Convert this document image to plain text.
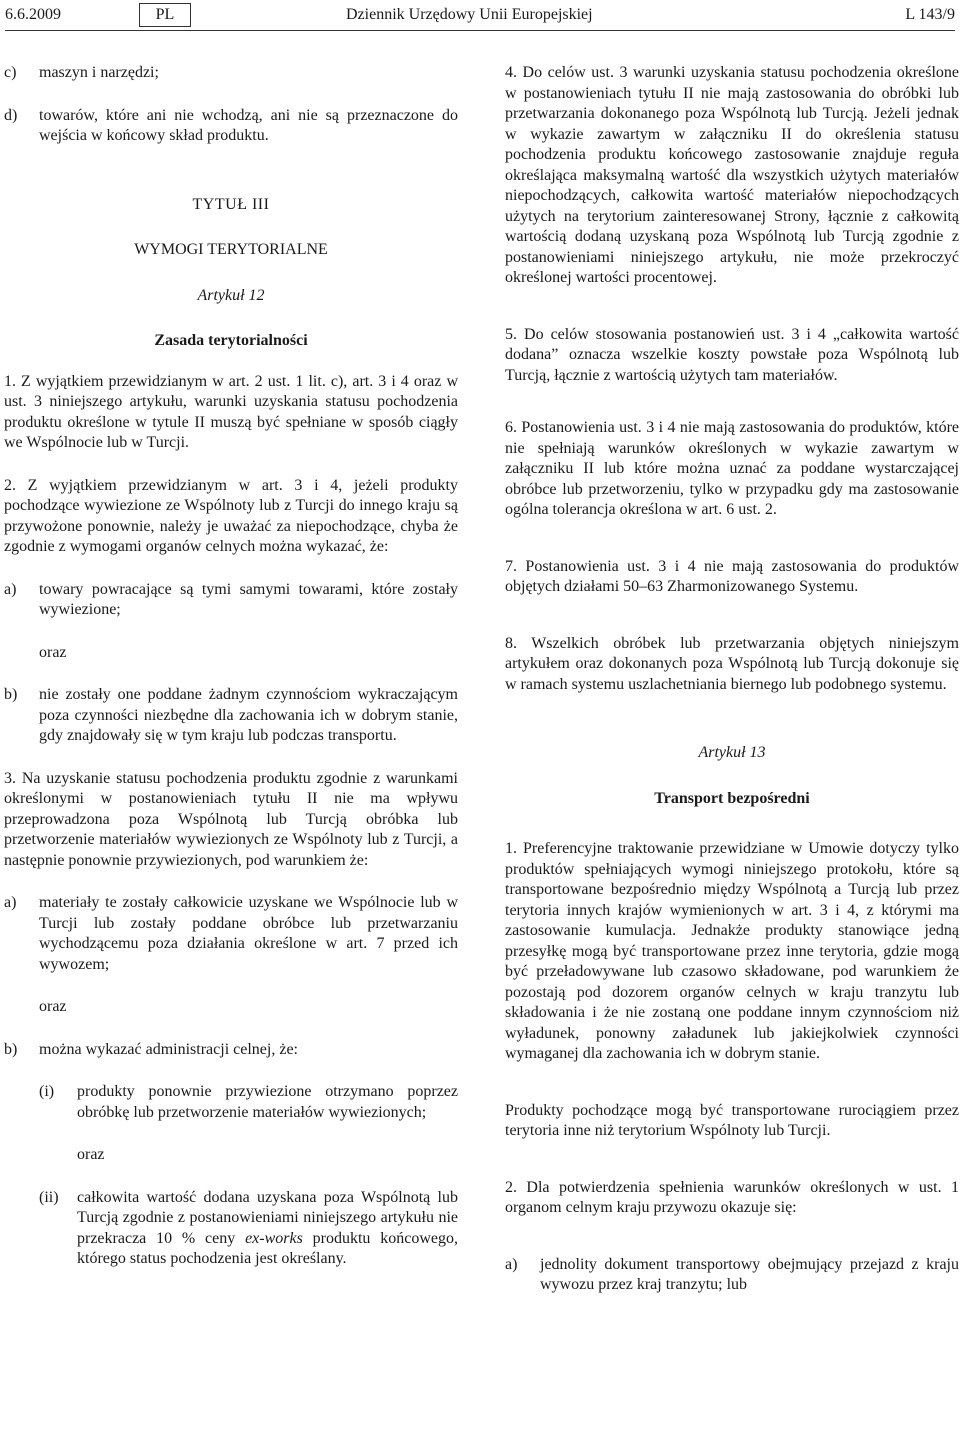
6.6.2009	PL	Dziennik Urzędowy Unii Europejskiej	L 143/9
c)	maszyn i narzędzi;
d)	towarów, które ani nie wchodzą, ani nie są przeznaczone do wejścia w końcowy skład produktu.

TYTUŁ III

WYMOGI TERYTORIALNE

Artykuł 12

Zasada terytorialności

1. Z wyjątkiem przewidzianym w art. 2 ust. 1 lit. c), art. 3 i 4 oraz w ust. 3 niniejszego artykułu, warunki uzyskania statusu pochodzenia produktu określone w tytule II muszą być spełniane w sposób ciągły we Wspólnocie lub w Turcji.

2. Z wyjątkiem przewidzianym w art. 3 i 4, jeżeli produkty pochodzące wywiezione ze Wspólnoty lub z Turcji do innego kraju są przywożone ponownie, należy je uważać za niepochodzące, chyba że zgodnie z wymogami organów celnych można wykazać, że:

a)	towary powracające są tymi samymi towarami, które zostały wywiezione;

oraz

b)	nie zostały one poddane żadnym czynnościom wykraczającym poza czynności niezbędne dla zachowania ich w dobrym stanie, gdy znajdowały się w tym kraju lub podczas transportu.

3. Na uzyskanie statusu pochodzenia produktu zgodnie z warunkami określonymi w postanowieniach tytułu II nie ma wpływu przeprowadzona poza Wspólnotą lub Turcją obróbka lub przetworzenie materiałów wywiezionych ze Wspólnoty lub z Turcji, a następnie ponownie przywiezionych, pod warunkiem że:

a)	materiały te zostały całkowicie uzyskane we Wspólnocie lub w Turcji lub zostały poddane obróbce lub przetwarzaniu wychodzącemu poza działania określone w art. 7 przed ich wywozem;

oraz

b)	można wykazać administracji celnej, że:
(i)	produkty ponownie przywiezione otrzymano poprzez obróbkę lub przetworzenie materiałów wywiezionych;

oraz

(ii)	całkowita wartość dodana uzyskana poza Wspólnotą lub Turcją zgodnie z postanowieniami niniejszego artykułu nie przekracza 10 % ceny ex-works produktu końcowego, którego status pochodzenia jest określany.

4. Do celów ust. 3 warunki uzyskania statusu pochodzenia określone w postanowieniach tytułu II nie mają zastosowania do obróbki lub przetwarzania dokonanego poza Wspólnotą lub Turcją. Jeżeli jednak w wykazie zawartym w załączniku II do określenia statusu pochodzenia produktu końcowego zastosowanie znajduje reguła określająca maksymalną wartość dla wszystkich użytych materiałów niepochodzących, całkowita wartość materiałów niepochodzących użytych na terytorium zainteresowanej Strony, łącznie z całkowitą wartością dodaną uzyskaną poza Wspólnotą lub Turcją zgodnie z postanowieniami niniejszego artykułu, nie może przekroczyć określonej wartości procentowej.

5. Do celów stosowania postanowień ust. 3 i 4 „całkowita wartość dodana” oznacza wszelkie koszty powstałe poza Wspólnotą lub Turcją, łącznie z wartością użytych tam materiałów.

6. Postanowienia ust. 3 i 4 nie mają zastosowania do produktów, które nie spełniają warunków określonych w wykazie zawartym w załączniku II lub które można uznać za poddane wystarczającej obróbce lub przetworzeniu, tylko w przypadku gdy ma zastosowanie ogólna tolerancja określona w art. 6 ust. 2.

7. Postanowienia ust. 3 i 4 nie mają zastosowania do produktów objętych działami 50–63 Zharmonizowanego Systemu.

8. Wszelkich obróbek lub przetwarzania objętych niniejszym artykułem oraz dokonanych poza Wspólnotą lub Turcją dokonuje się w ramach systemu uszlachetniania biernego lub podobnego systemu.

Artykuł 13

Transport bezpośredni

1. Preferencyjne traktowanie przewidziane w Umowie dotyczy tylko produktów spełniających wymogi niniejszego protokołu, które są transportowane bezpośrednio między Wspólnotą a Turcją lub przez terytoria innych krajów wymienionych w art. 3 i 4, z którymi ma zastosowanie kumulacja. Jednakże produkty stanowiące jedną przesyłkę mogą być transportowane przez inne terytoria, gdzie mogą być przeładowywane lub czasowo składowane, pod warunkiem że pozostają pod dozorem organów celnych w kraju tranzytu lub składowania i że nie zostaną one poddane innym czynnościom niż wyładunek, ponowny załadunek lub jakiejkolwiek czynności wymaganej dla zachowania ich w dobrym stanie.

Produkty pochodzące mogą być transportowane rurociągiem przez terytoria inne niż terytorium Wspólnoty lub Turcji.

2. Dla potwierdzenia spełnienia warunków określonych w ust. 1 organom celnym kraju przywozu okazuje się:

a)	jednolity dokument transportowy obejmujący przejazd z kraju wywozu przez kraj tranzytu; lub
